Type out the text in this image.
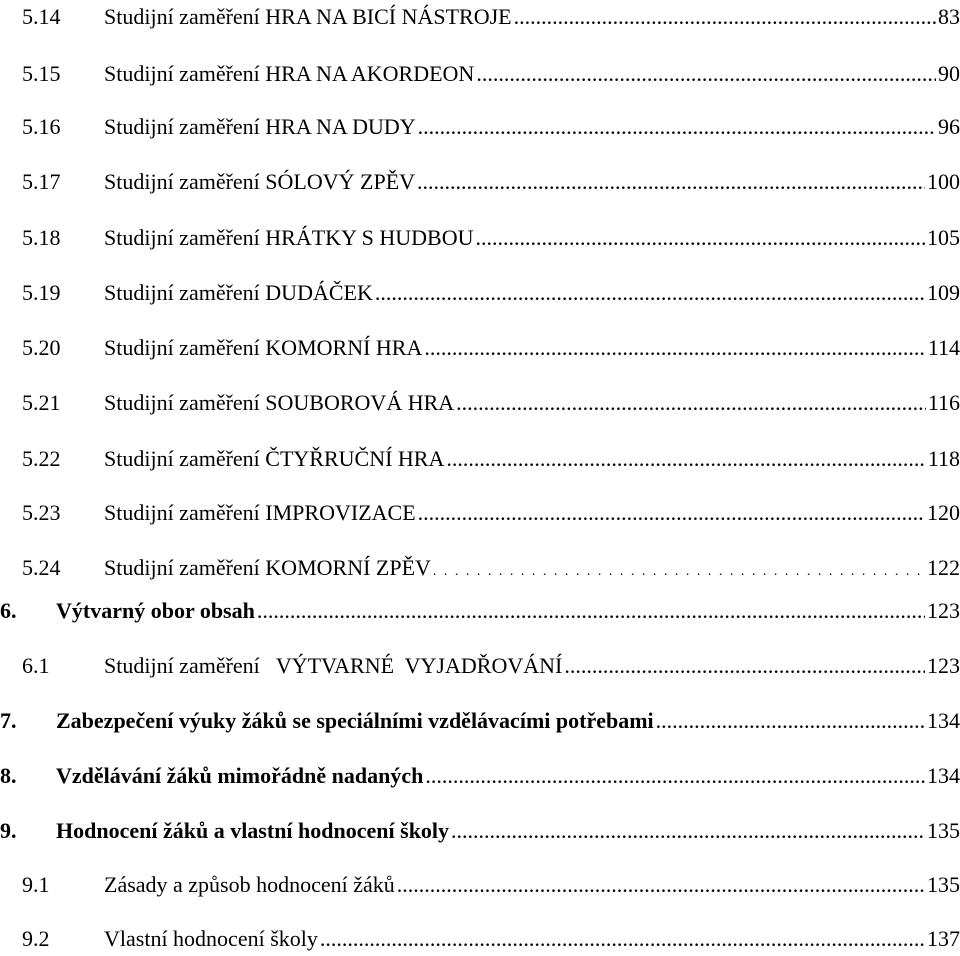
5.14 Studijní zaměření HRA NA BICÍ NÁSTROJE .....	83
5.15 Studijní zaměření HRA NA AKORDEON .....	90
5.16 Studijní zaměření HRA NA DUDY .....	96
5.17 Studijní zaměření SÓLOVÝ ZPĚV .....	100
5.18 Studijní zaměření HRÁTKY S HUDBOU .....	105
5.19 Studijní zaměření DUDÁČEK .....	109
5.20 Studijní zaměření KOMORNÍ HRA .....	114
5.21 Studijní zaměření SOUBOROVÁ HRA .....	116
5.22 Studijní zaměření ČTYŘRUČNÍ HRA .....	118
5.23 Studijní zaměření IMPROVIZACE .....	120
5.24 Studijní zaměření KOMORNÍ ZPĚV . . .	122
6. Výtvarný obor obsah .....	123
6.1 Studijní zaměření   VÝTVARNÉ  VYJADŘOVÁNÍ .....	123
7. Zabezpečení výuky žáků se speciálními vzdělávacími potřebami .....	134
8. Vzdělávání žáků mimořádně nadaných .....	134
9. Hodnocení žáků a vlastní hodnocení školy .....	135
9.1 Zásady a způsob hodnocení žáků .....	135
9.2 Vlastní hodnocení školy .....	137
